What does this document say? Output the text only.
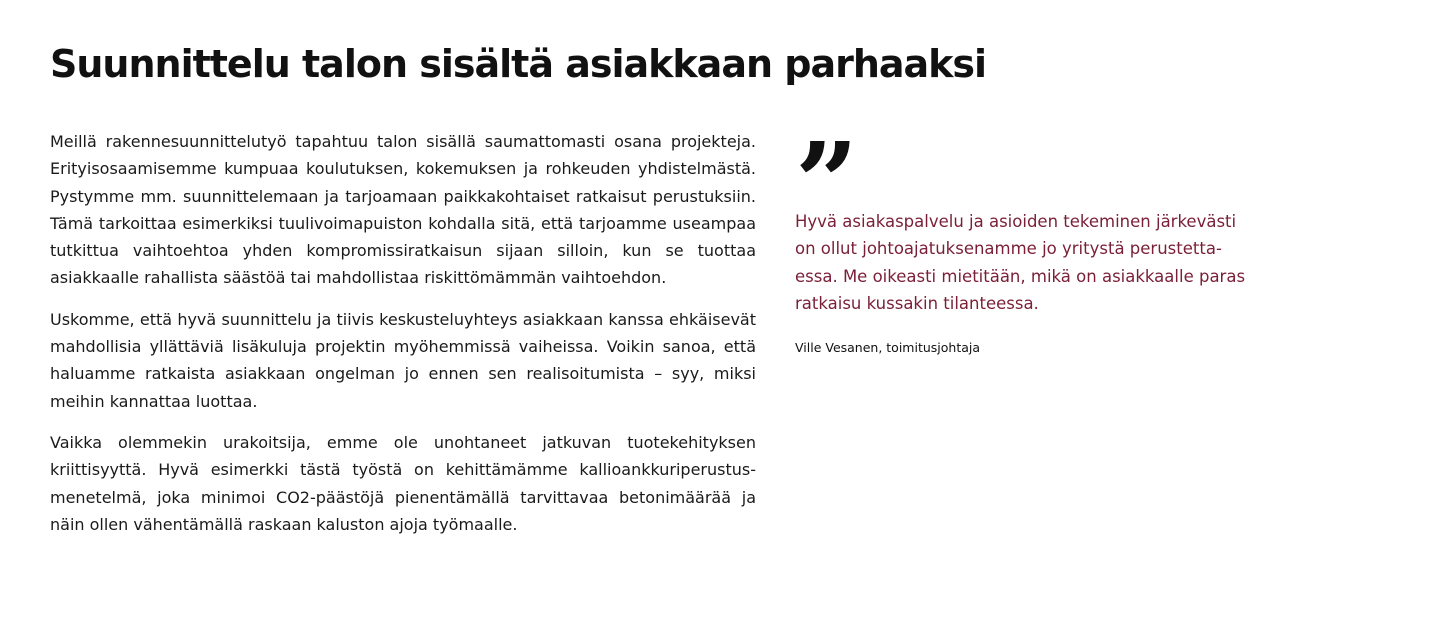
Suunnittelu talon sisältä asiakkaan parhaaksi

Meillä rakennesuunnittelutyö tapahtuu talon sisällä saumattomasti osana projekteja. Erityisosaamisemme kumpuaa koulutuksen, kokemuksen ja rohkeuden yhdistelmästä. Pystymme mm. suunnittelemaan ja tarjoamaan paikkakohtaiset ratkaisut perustuksiin. Tämä tarkoittaa esimerkiksi tuulivoimapuiston kohdalla sitä, että tarjoamme useampaa tutkittua vaihtoehtoa yhden kompromissiratkaisun sijaan silloin, kun se tuottaa asiakkaalle rahallista säästöä tai mahdollistaa riskittömämmän vaihtoehdon.

Uskomme, että hyvä suunnittelu ja tiivis keskusteluyhteys asiakkaan kanssa ehkäisevät mahdollisia yllättäviä lisäkuluja projektin myöhemmissä vaiheissa. Voikin sanoa, että haluamme ratkaista asiakkaan ongelman jo ennen sen realisoitumista – syy, miksi meihin kannattaa luottaa.

Vaikka olemmekin urakoitsija, emme ole unohtaneet jatkuvan tuotekehityksen kriittisyyttä. Hyvä esimerkki tästä työstä on kehittämämme kallioankkuriperustusmenetelmä, joka minimoi CO2-päästöjä pienentämällä tarvittavaa betonimäärää ja näin ollen vähentämällä raskaan kaluston ajoja työmaalle.

”

Hyvä asiakaspalvelu ja asioiden tekeminen järkevästi on ollut johtoajatuksenamme jo yritystä perustettaessa. Me oikeasti mietitään, mikä on asiakkaalle paras ratkaisu kussakin tilanteessa.

Ville Vesanen, toimitusjohtaja
